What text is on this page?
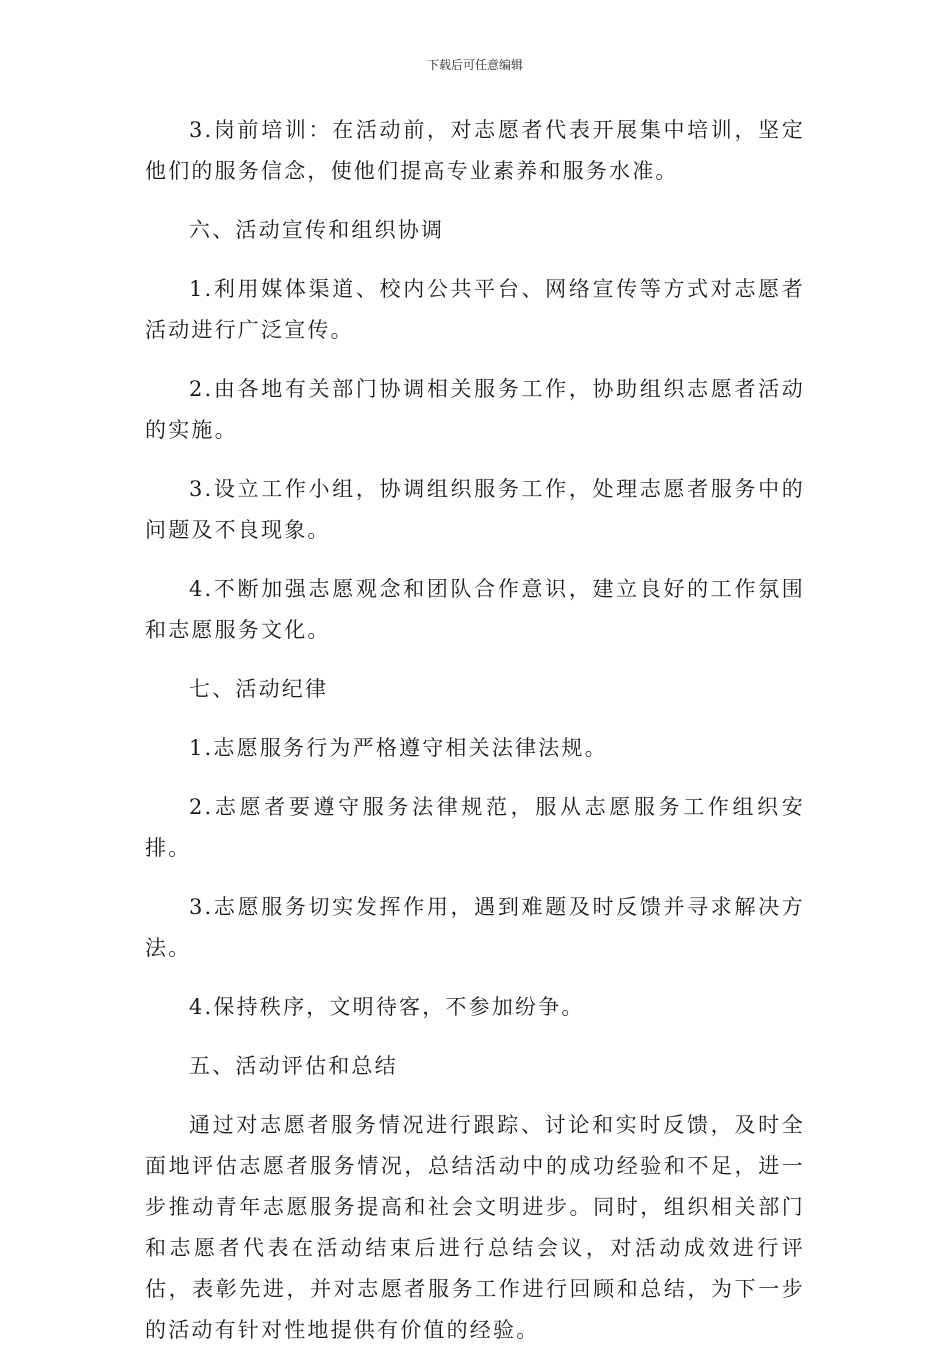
下载后可任意编辑

3.岗前培训：在活动前，对志愿者代表开展集中培训，坚定他们的服务信念，使他们提高专业素养和服务水准。

六、活动宣传和组织协调

1.利用媒体渠道、校内公共平台、网络宣传等方式对志愿者活动进行广泛宣传。

2.由各地有关部门协调相关服务工作，协助组织志愿者活动的实施。

3.设立工作小组，协调组织服务工作，处理志愿者服务中的问题及不良现象。

4.不断加强志愿观念和团队合作意识，建立良好的工作氛围和志愿服务文化。

七、活动纪律

1.志愿服务行为严格遵守相关法律法规。

2.志愿者要遵守服务法律规范，服从志愿服务工作组织安排。

3.志愿服务切实发挥作用，遇到难题及时反馈并寻求解决方法。

4.保持秩序，文明待客，不参加纷争。

五、活动评估和总结

通过对志愿者服务情况进行跟踪、讨论和实时反馈，及时全面地评估志愿者服务情况，总结活动中的成功经验和不足，进一步推动青年志愿服务提高和社会文明进步。同时，组织相关部门和志愿者代表在活动结束后进行总结会议，对活动成效进行评估，表彰先进，并对志愿者服务工作进行回顾和总结，为下一步的活动有针对性地提供有价值的经验。
